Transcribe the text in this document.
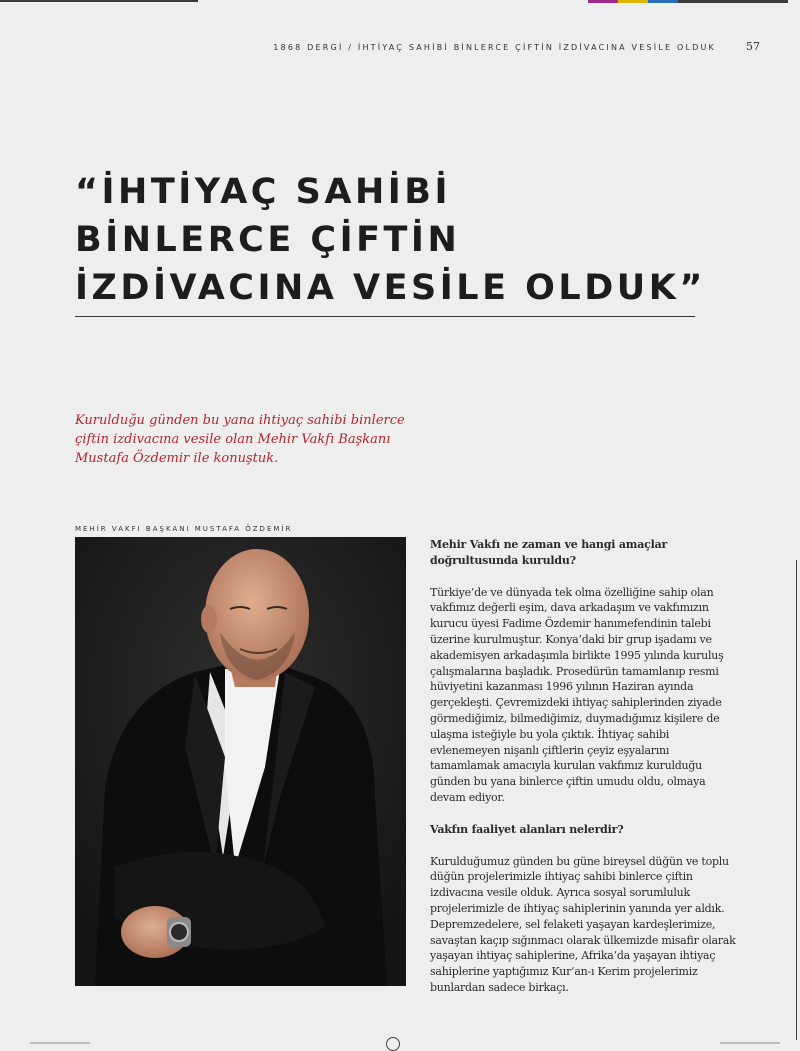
1868 DERGİ / İHTİYAÇ SAHİBİ BİNLERCE ÇİFTİN İZDİVACINA VESİLE OLDUK	57
“İHTİYAÇ SAHİBİ
BİNLERCE ÇİFTİN
İZDİVACINA VESİLE OLDUK”

Kurulduğu günden bu yana ihtiyaç sahibi binlerce çiftin izdivacına vesile olan Mehir Vakfı Başkanı Mustafa Özdemir ile konuştuk.

MEHİR VAKFI BAŞKANI MUSTAFA ÖZDEMİR

Mehir Vakfı ne zaman ve hangi amaçlar doğrultusunda kuruldu?

Türkiye’de ve dünyada tek olma özelliğine sahip olan vakfımız değerli eşim, dava arkadaşım ve vakfımızın kurucu üyesi Fadime Özdemir hanımefendinin talebi üzerine kurulmuştur. Konya’daki bir grup işadamı ve akademisyen arkadaşımla birlikte 1995 yılında kuruluş çalışmalarına başladık. Prosedürün tamamlanıp resmi hüviyetini kazanması 1996 yılının Haziran ayında gerçekleşti. Çevremizdeki ihtiyaç sahiplerinden ziyade görmediğimiz, bilmediğimiz, duymadığımız kişilere de ulaşma isteğiyle bu yola çıktık. İhtiyaç sahibi evlenemeyen nişanlı çiftlerin çeyiz eşyalarını tamamlamak amacıyla kurulan vakfımız kurulduğu günden bu yana binlerce çiftin umudu oldu, olmaya devam ediyor.

Vakfın faaliyet alanları nelerdir?

Kurulduğumuz günden bu güne bireysel düğün ve toplu düğün projelerimizle ihtiyaç sahibi binlerce çiftin izdivacına vesile olduk. Ayrıca sosyal sorumluluk projelerimizle de ihtiyaç sahiplerinin yanında yer aldık. Depremzedelere, sel felaketi yaşayan kardeşlerimize, savaştan kaçıp sığınmacı olarak ülkemizde misafir olarak yaşayan ihtiyaç sahiplerine, Afrika’da yaşayan ihtiyaç sahiplerine yaptığımız Kur’an-ı Kerim projelerimiz bunlardan sadece birkaçı.
